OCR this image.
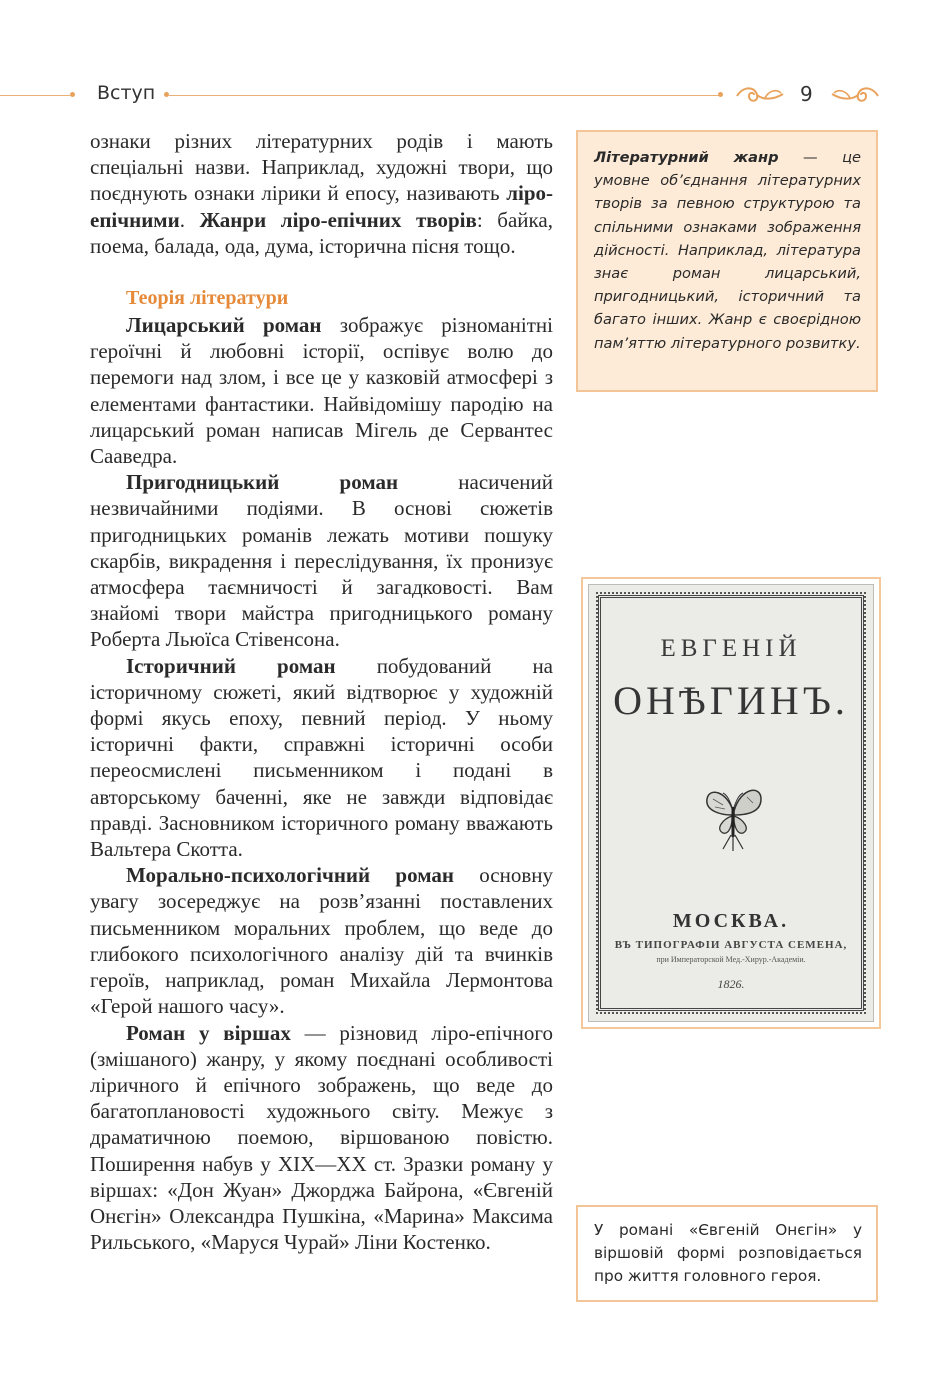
Вступ	9

ознаки різних літературних родів і мають спеціальні назви. Наприклад, художні твори, що поєднують ознаки лірики й епосу, називають ліро-епічними. Жанри ліро-епічних творів: байка, поема, балада, ода, дума, історична пісня тощо.

Теорія літератури

Лицарський роман зображує різноманітні героїчні й любовні історії, оспівує волю до перемоги над злом, і все це у казковій атмосфері з елементами фантастики. Найвідомішу пародію на лицарський роман написав Мігель де Сервантес Сааведра.

Пригодницький роман насичений незвичайними подіями. В основі сюжетів пригодницьких романів лежать мотиви пошуку скарбів, викрадення і переслідування, їх пронизує атмосфера таємничості й загадковості. Вам знайомі твори майстра пригодницького роману Роберта Льюїса Стівенсона.

Історичний роман побудований на історичному сюжеті, який відтворює у художній формі якусь епоху, певний період. У ньому історичні факти, справжні історичні особи переосмислені письменником і подані в авторському баченні, яке не завжди відповідає правді. Засновником історичного роману вважають Вальтера Скотта.

Морально-психологічний роман основну увагу зосереджує на розв’язанні поставлених письменником моральних проблем, що веде до глибокого психологічного аналізу дій та вчинків героїв, наприклад, роман Михайла Лермонтова «Герой нашого часу».

Роман у віршах — різновид ліро-епічного (змішаного) жанру, у якому поєднані особливості ліричного й епічного зображень, що веде до багатоплановості художнього світу. Межує з драматичною поемою, віршованою повістю. Поширення набув у XIX—XX ст. Зразки роману у віршах: «Дон Жуан» Джорджа Байрона, «Євгеній Онєгін» Олександра Пушкіна, «Марина» Максима Рильського, «Маруся Чурай» Ліни Костенко.

Літературний жанр — це умовне об’єднання літературних творів за певною структурою та спільними ознаками зображення дійсності. Наприклад, література знає роман лицарський, пригодницький, історичний та багато інших. Жанр є своєрідною пам’яттю літературного розвитку.
ЕВГЕНІЙ
ОНѢГИНЪ.
МОСКВА.
ВЪ ТИПОГРАФІИ АВГУСТА СЕМЕНА,
при Императорской Мед.-Хирур.-Академіи.
1826.
У романі «Євгеній Онєгін» у віршовій формі розповідається про життя головного героя.
